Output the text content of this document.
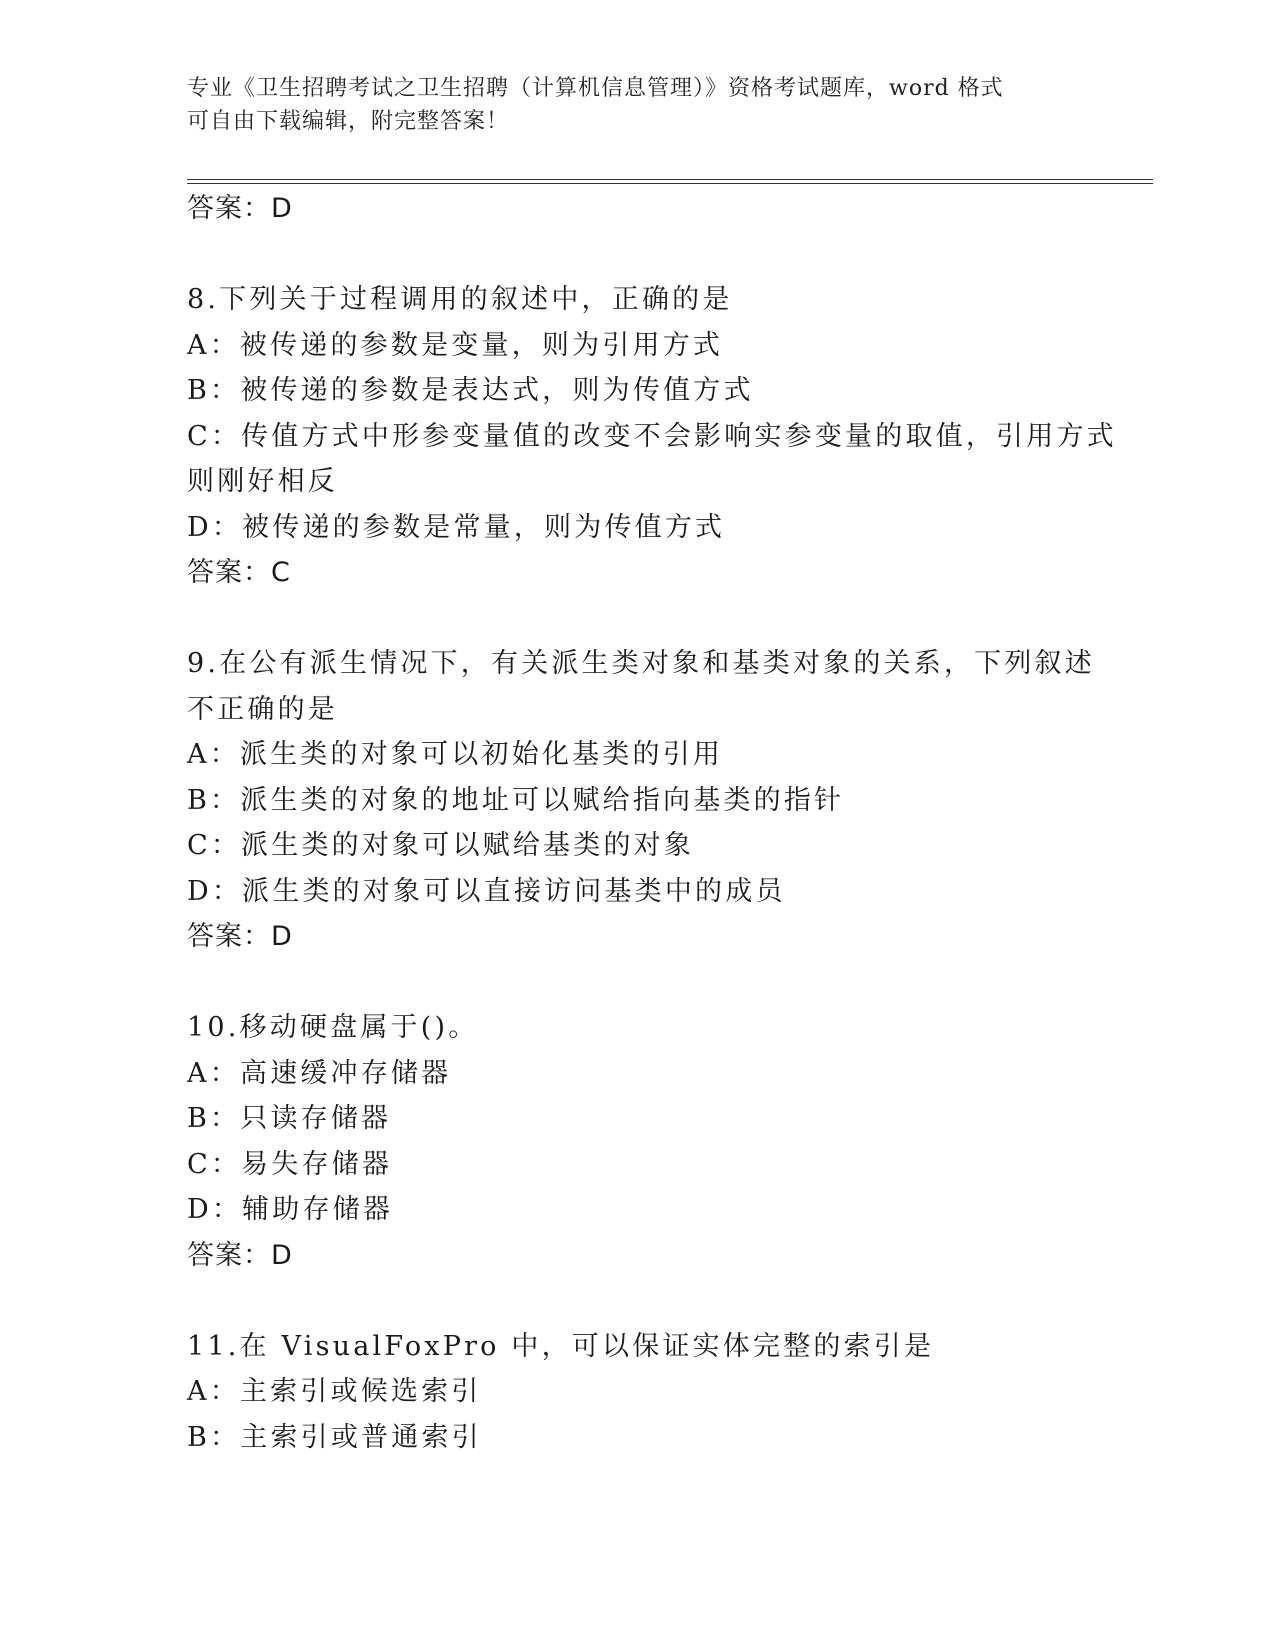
专业《卫生招聘考试之卫生招聘（计算机信息管理）》资格考试题库，word 格式
可自由下载编辑，附完整答案！
答案：D
8.下列关于过程调用的叙述中，正确的是
A：被传递的参数是变量，则为引用方式
B：被传递的参数是表达式，则为传值方式
C：传值方式中形参变量值的改变不会影响实参变量的取值，引用方式
则刚好相反
D：被传递的参数是常量，则为传值方式
答案：C
9.在公有派生情况下，有关派生类对象和基类对象的关系，下列叙述
不正确的是
A：派生类的对象可以初始化基类的引用
B：派生类的对象的地址可以赋给指向基类的指针
C：派生类的对象可以赋给基类的对象
D：派生类的对象可以直接访问基类中的成员
答案：D
10.移动硬盘属于()。
A：高速缓冲存储器
B：只读存储器
C：易失存储器
D：辅助存储器
答案：D
11.在 VisualFoxPro 中，可以保证实体完整的索引是
A：主索引或候选索引
B：主索引或普通索引
